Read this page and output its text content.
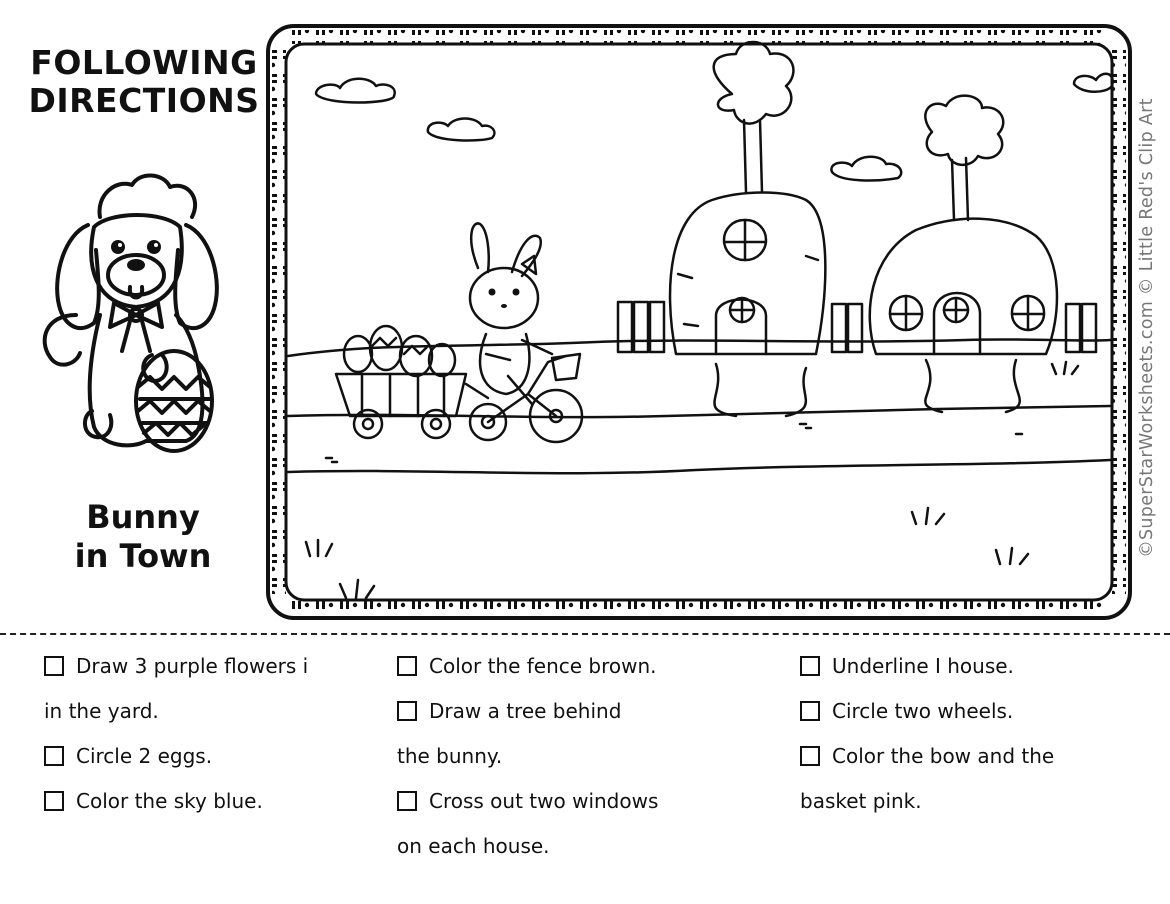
FOLLOWING
DIRECTIONS
Bunny
in Town	©SuperStarWorksheets.com © Little Red's Clip Art
Draw 3 purple flowers i
in the yard.
Circle 2 eggs.
Color the sky blue.
Color the fence brown.
Draw a tree behind
the bunny.
Cross out two windows
on each house.
Underline I house.
Circle two wheels.
Color the bow and the
basket pink.
